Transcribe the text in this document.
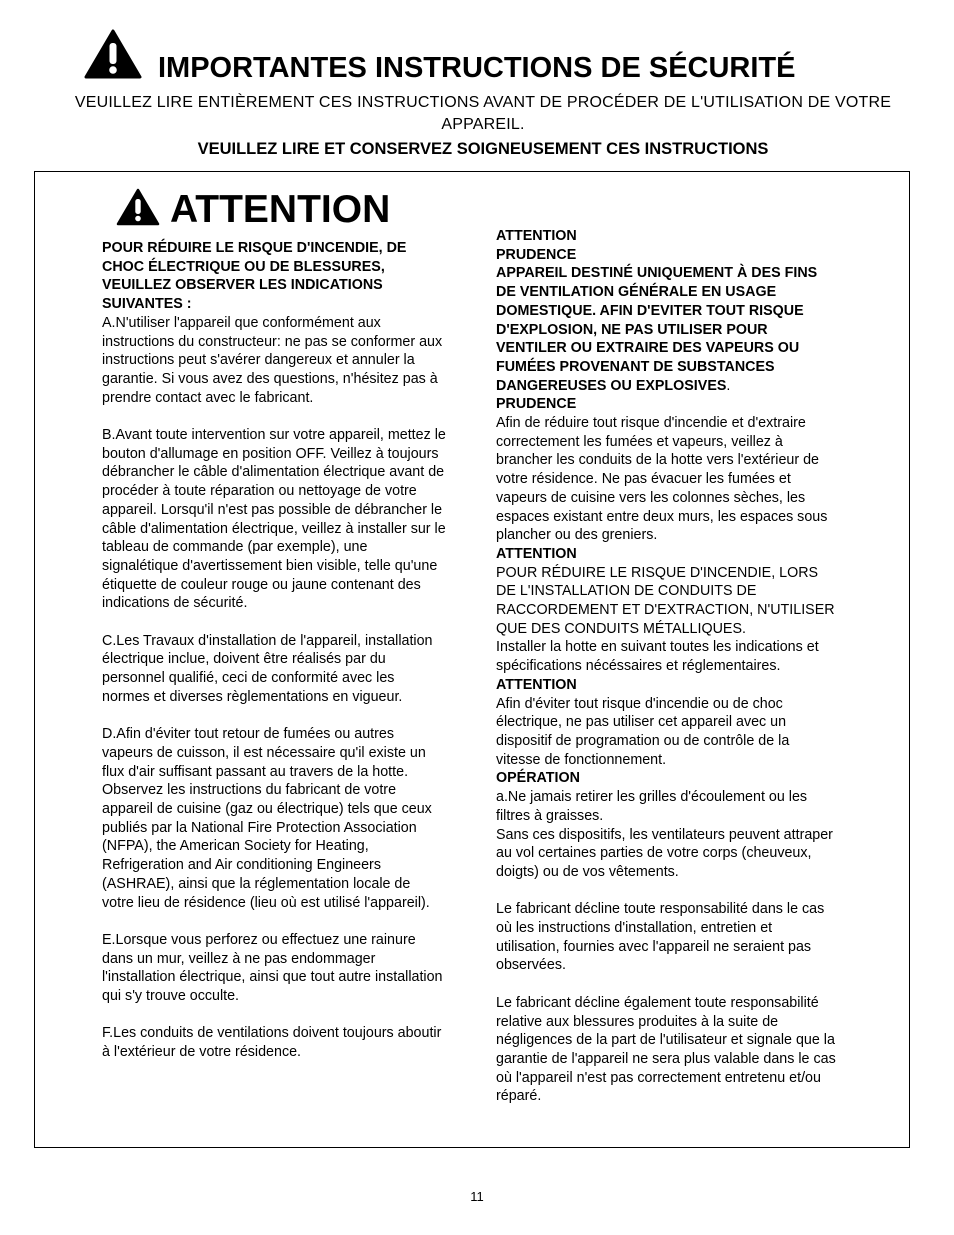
IMPORTANTES INSTRUCTIONS DE SÉCURITÉ
VEUILLEZ LIRE ENTIÈREMENT CES INSTRUCTIONS AVANT DE PROCÉDER DE L'UTILISATION DE VOTRE APPAREIL.
VEUILLEZ LIRE ET CONSERVEZ SOIGNEUSEMENT CES INSTRUCTIONS
ATTENTION

POUR RÉDUIRE LE RISQUE D'INCENDIE, DE CHOC ÉLECTRIQUE OU DE BLESSURES, VEUILLEZ OBSERVER LES INDICATIONS SUIVANTES :

A.N'utiliser l'appareil que conformément aux instructions du constructeur: ne pas se conformer aux instructions peut s'avérer dangereux et annuler la garantie. Si vous avez des questions, n'hésitez pas à prendre contact avec le fabricant.

B.Avant toute intervention sur votre appareil, mettez le bouton d'allumage en position OFF. Veillez à toujours débrancher le câble d'alimentation électrique avant de procéder à toute réparation ou nettoyage de votre appareil. Lorsqu'il n'est pas possible de débrancher le câble d'alimentation électrique, veillez à installer sur le tableau de commande (par exemple), une signalétique d'avertissement bien visible, telle qu'une étiquette de couleur rouge ou jaune contenant des indications de sécurité.

C.Les Travaux d'installation de l'appareil, installation électrique inclue, doivent être réalisés par du personnel qualifié, ceci de conformité avec les normes et diverses règlementations en vigueur.

D.Afin d'éviter tout retour de fumées ou autres vapeurs de cuisson, il est nécessaire qu'il existe un flux d'air suffisant passant au travers de la hotte. Observez les instructions du fabricant de votre appareil de cuisine (gaz ou électrique) tels que ceux publiés par la National Fire Protection Association (NFPA), the American Society for Heating, Refrigeration and Air conditioning Engineers (ASHRAE), ainsi que la réglementation locale de votre lieu de résidence (lieu où est utilisé l'appareil).

E.Lorsque vous perforez ou effectuez une rainure dans un mur, veillez à ne pas endommager l'installation électrique, ainsi que tout autre installation qui s'y trouve occulte.

F.Les conduits de ventilations doivent toujours aboutir à l'extérieur de votre résidence.

ATTENTION

PRUDENCE

APPAREIL DESTINÉ UNIQUEMENT À DES FINS DE VENTILATION GÉNÉRALE EN USAGE DOMESTIQUE. AFIN D'EVITER TOUT RISQUE D'EXPLOSION, NE PAS UTILISER POUR VENTILER OU EXTRAIRE DES VAPEURS OU FUMÉES PROVENANT DE SUBSTANCES DANGEREUSES OU EXPLOSIVES.

PRUDENCE

Afin de réduire tout risque d'incendie et d'extraire correctement les fumées et vapeurs, veillez à brancher les conduits de la hotte vers l'extérieur de votre résidence. Ne pas évacuer les fumées et vapeurs de cuisine vers les colonnes sèches, les espaces existant entre deux murs, les espaces sous plancher ou des greniers.

ATTENTION

POUR RÉDUIRE LE RISQUE D'INCENDIE, LORS DE L'INSTALLATION DE CONDUITS DE RACCORDEMENT ET D'EXTRACTION, N'UTILISER QUE DES CONDUITS MÉTALLIQUES.

Installer la hotte en suivant toutes les indications et spécifications nécéssaires et réglementaires.

ATTENTION

Afin d'éviter tout risque d'incendie ou de choc électrique, ne pas utiliser cet appareil avec un dispositif de programation ou de contrôle de la vitesse de fonctionnement.

OPÉRATION

a.Ne jamais retirer les grilles d'écoulement ou les filtres à graisses.

Sans ces dispositifs, les ventilateurs peuvent attraper au vol certaines parties de votre corps (cheuveux, doigts) ou de vos vêtements.

Le fabricant décline toute responsabilité dans le cas où les instructions d'installation, entretien et utilisation, fournies avec l'appareil ne seraient pas observées.

Le fabricant décline également toute responsabilité relative aux blessures produites à la suite de négligences de la part de l'utilisateur et signale que la garantie de l'appareil ne sera plus valable dans le cas où l'appareil n'est pas correctement entretenu et/ou réparé.

11
